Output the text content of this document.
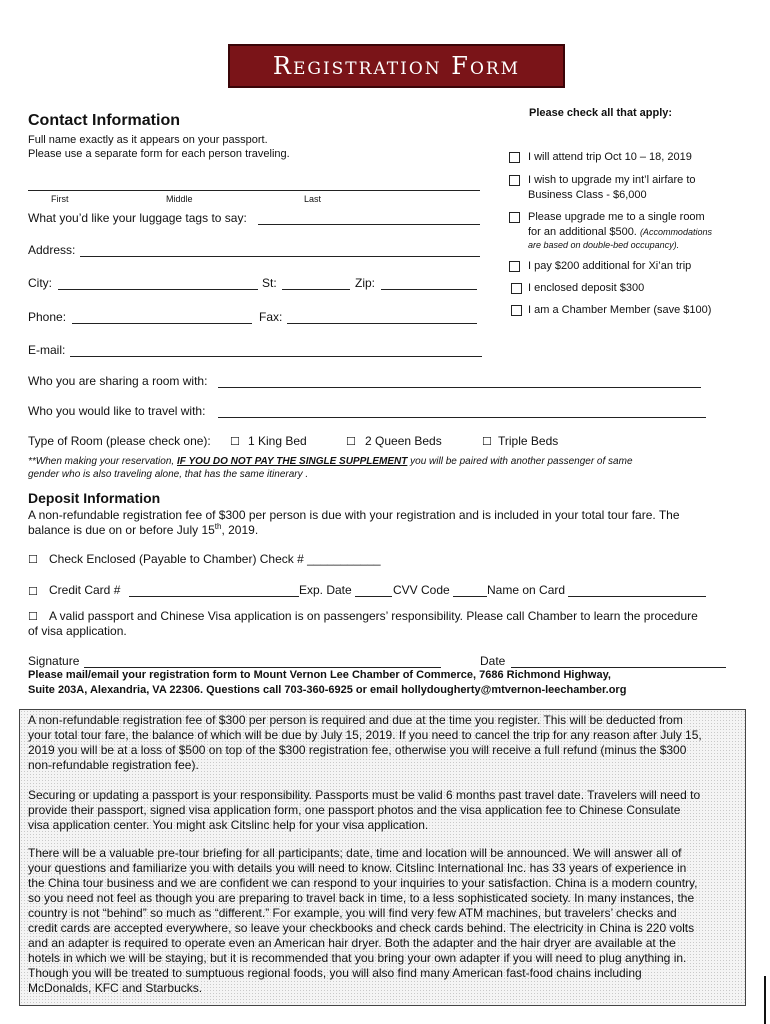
Registration Form
Contact Information
Full name exactly as it appears on your passport.
Please use a separate form for each person traveling.
First	Middle	Last
What you’d like your luggage tags to say:
Address:
City:	St:	Zip:
Phone:	Fax:
E-mail:
Who you are sharing a room with:
Who you would like to travel with:
Type of Room (please check one): ☐ 1 King Bed	☐ 2 Queen Beds	☐ Triple Beds
**When making your reservation, IF YOU DO NOT PAY THE SINGLE SUPPLEMENT you will be paired with another passenger of same
gender who is also traveling alone, that has the same itinerary .
Please check all that apply:
I will attend trip Oct 10 – 18, 2019
I wish to upgrade my int’l airfare to
Business Class - $6,000
Please upgrade me to a single room
for an additional $500. (Accommodations
are based on double-bed occupancy).
I pay $200 additional for Xi’an trip
I enclosed deposit $300
I am a Chamber Member (save $100)
Deposit Information
A non-refundable registration fee of $300 per person is due with your registration and is included in your total tour fare. The
balance is due on or before July 15th, 2019.
☐ Check Enclosed (Payable to Chamber) Check # ___________
☐ Credit Card #	Exp. Date	CVV Code	Name on Card
☐ A valid passport and Chinese Visa application is on passengers’ responsibility. Please call Chamber to learn the procedure
of visa application.
Signature	Date
Please mail/email your registration form to Mount Vernon Lee Chamber of Commerce, 7686 Richmond Highway,
Suite 203A, Alexandria, VA 22306. Questions call 703-360-6925 or email hollydougherty@mtvernon-leechamber.org
A non-refundable registration fee of $300 per person is required and due at the time you register. This will be deducted from
your total tour fare, the balance of which will be due by July 15, 2019. If you need to cancel the trip for any reason after July 15,
2019 you will be at a loss of $500 on top of the $300 registration fee, otherwise you will receive a full refund (minus the $300
non-refundable registration fee).
Securing or updating a passport is your responsibility. Passports must be valid 6 months past travel date. Travelers will need to
provide their passport, signed visa application form, one passport photos and the visa application fee to Chinese Consulate
visa application center. You might ask Citslinc help for your visa application.
There will be a valuable pre-tour briefing for all participants; date, time and location will be announced. We will answer all of
your questions and familiarize you with details you will need to know. Citslinc International Inc. has 33 years of experience in
the China tour business and we are confident we can respond to your inquiries to your satisfaction. China is a modern country,
so you need not feel as though you are preparing to travel back in time, to a less sophisticated society. In many instances, the
country is not “behind” so much as “different.” For example, you will find very few ATM machines, but travelers’ checks and
credit cards are accepted everywhere, so leave your checkbooks and check cards behind. The electricity in China is 220 volts
and an adapter is required to operate even an American hair dryer. Both the adapter and the hair dryer are available at the
hotels in which we will be staying, but it is recommended that you bring your own adapter if you will need to plug anything in.
Though you will be treated to sumptuous regional foods, you will also find many American fast-food chains including
McDonalds, KFC and Starbucks.
